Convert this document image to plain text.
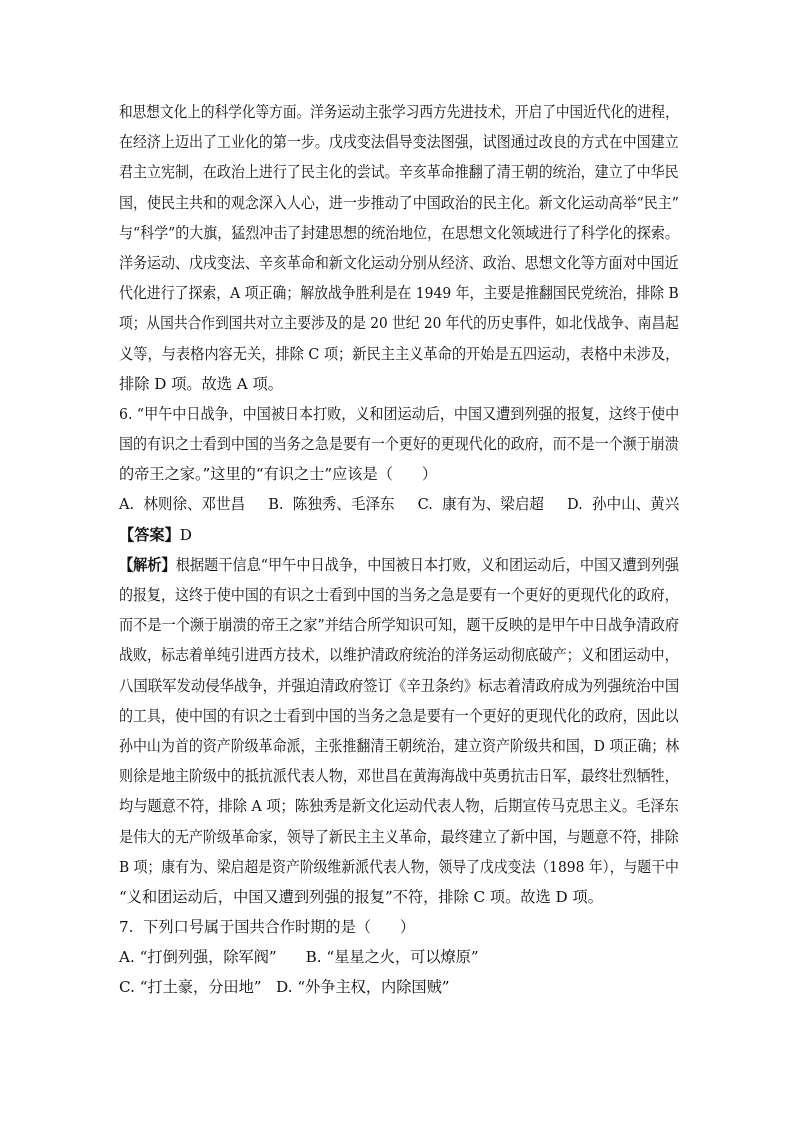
和思想文化上的科学化等方面。洋务运动主张学习西方先进技术，开启了中国近代化的进程，
在经济上迈出了工业化的第一步。戊戌变法倡导变法图强，试图通过改良的方式在中国建立
君主立宪制，在政治上进行了民主化的尝试。辛亥革命推翻了清王朝的统治，建立了中华民
国，使民主共和的观念深入人心，进一步推动了中国政治的民主化。新文化运动高举“民主”
与“科学”的大旗，猛烈冲击了封建思想的统治地位，在思想文化领域进行了科学化的探索。
洋务运动、戊戌变法、辛亥革命和新文化运动分别从经济、政治、思想文化等方面对中国近
代化进行了探索，A 项正确；解放战争胜利是在 1949 年，主要是推翻国民党统治，排除 B
项；从国共合作到国共对立主要涉及的是 20 世纪 20 年代的历史事件，如北伐战争、南昌起
义等，与表格内容无关，排除 C 项；新民主主义革命的开始是五四运动，表格中未涉及，
排除 D 项。故选 A 项。
6. “甲午中日战争，中国被日本打败，义和团运动后，中国又遭到列强的报复，这终于使中
国的有识之士看到中国的当务之急是要有一个更好的更现代化的政府，而不是一个濒于崩溃
的帝王之家。”这里的“有识之士”应该是（      ）
A.  林则徐、邓世昌     B.  陈独秀、毛泽东     C.  康有为、梁启超     D.  孙中山、黄兴
【答案】D
【解析】根据题干信息“甲午中日战争，中国被日本打败，义和团运动后，中国又遭到列强
的报复，这终于使中国的有识之士看到中国的当务之急是要有一个更好的更现代化的政府，
而不是一个濒于崩溃的帝王之家”并结合所学知识可知，题干反映的是甲午中日战争清政府
战败，标志着单纯引进西方技术，以维护清政府统治的洋务运动彻底破产；义和团运动中，
八国联军发动侵华战争，并强迫清政府签订《辛丑条约》标志着清政府成为列强统治中国
的工具，使中国的有识之士看到中国的当务之急是要有一个更好的更现代化的政府，因此以
孙中山为首的资产阶级革命派，主张推翻清王朝统治，建立资产阶级共和国，D 项正确；林
则徐是地主阶级中的抵抗派代表人物，邓世昌在黄海海战中英勇抗击日军，最终壮烈牺牲，
均与题意不符，排除 A 项；陈独秀是新文化运动代表人物，后期宣传马克思主义。毛泽东
是伟大的无产阶级革命家，领导了新民主主义革命，最终建立了新中国，与题意不符，排除
B 项；康有为、梁启超是资产阶级维新派代表人物，领导了戊戌变法（1898 年），与题干中
“义和团运动后，中国又遭到列强的报复”不符，排除 C 项。故选 D 项。
7.  下列口号属于国共合作时期的是（      ）
A. “打倒列强，除军阀”      B. “星星之火，可以燎原”
C. “打土豪，分田地”   D. “外争主权，内除国贼”
